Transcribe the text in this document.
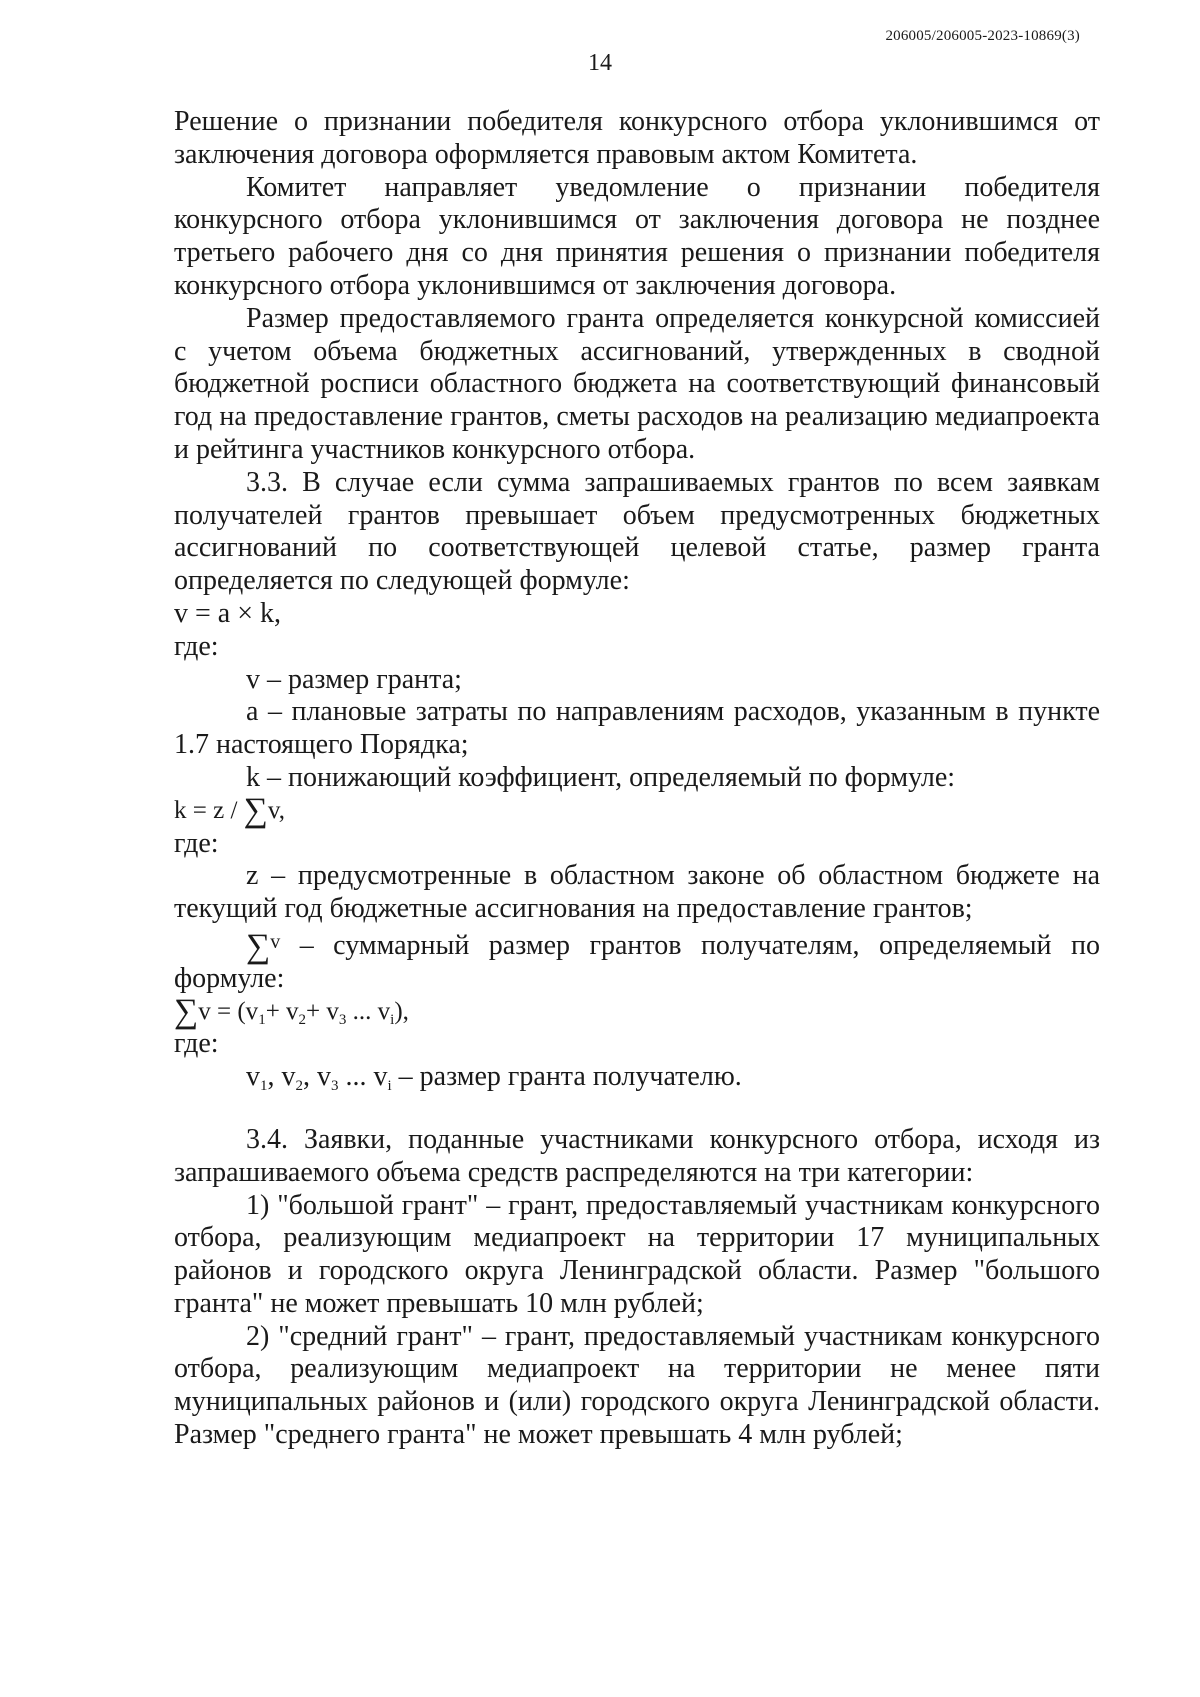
206005/206005-2023-10869(3)
14

Решение о признании победителя конкурсного отбора уклонившимся от заключения договора оформляется правовым актом Комитета.

Комитет направляет уведомление о признании победителя конкурсного отбора уклонившимся от заключения договора не позднее третьего рабочего дня со дня принятия решения о признании победителя конкурсного отбора уклонившимся от заключения договора.

Размер предоставляемого гранта определяется конкурсной комиссией с учетом объема бюджетных ассигнований, утвержденных в сводной бюджетной росписи областного бюджета на соответствующий финансовый год на предоставление грантов, сметы расходов на реализацию медиапроекта и рейтинга участников конкурсного отбора.

3.3. В случае если сумма запрашиваемых грантов по всем заявкам получателей грантов превышает объем предусмотренных бюджетных ассигнований по соответствующей целевой статье, размер гранта определяется по следующей формуле:

v = a × k,

где:

v – размер гранта;

a – плановые затраты по направлениям расходов, указанным в пункте 1.7 настоящего Порядка;

k – понижающий коэффициент, определяемый по формуле:

k = z / ∑v,

где:

z – предусмотренные в областном законе об областном бюджете на текущий год бюджетные ассигнования на предоставление грантов;

∑$^v$ – суммарный размер грантов получателям, определяемый по формуле:

$\sum v = (v_1+ v_2+ v_3$ ... $v_i$),

где:

$v_1$, $v_2$, $v_3$ ... $v_i$ – размер гранта получателю.

3.4. Заявки, поданные участниками конкурсного отбора, исходя из запрашиваемого объема средств распределяются на три категории:

1) "большой грант" – грант, предоставляемый участникам конкурсного отбора, реализующим медиапроект на территории 17 муниципальных районов и городского округа Ленинградской области. Размер "большого гранта" не может превышать 10 млн рублей;

2) "средний грант" – грант, предоставляемый участникам конкурсного отбора, реализующим медиапроект на территории не менее пяти муниципальных районов и (или) городского округа Ленинградской области. Размер "среднего гранта" не может превышать 4 млн рублей;
